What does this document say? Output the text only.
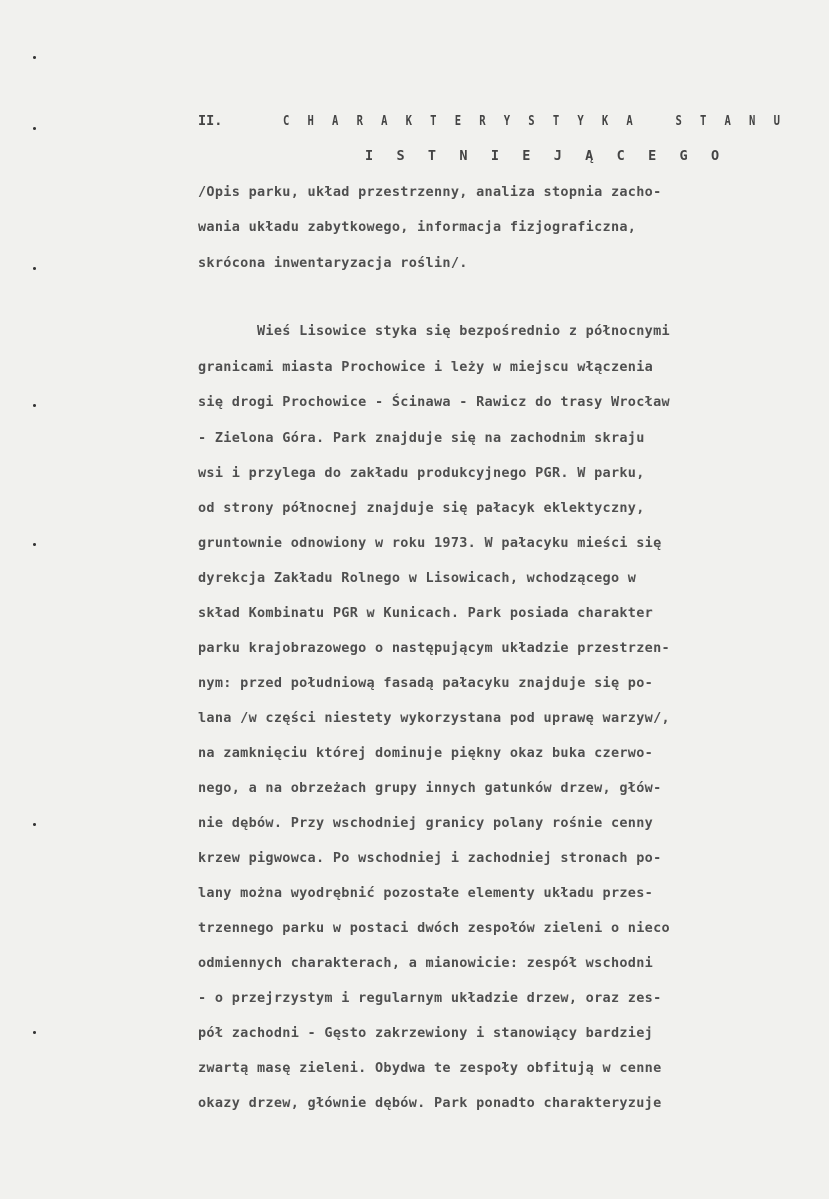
II.

	C H A R A K T E R Y S T Y K A   S T A N U

I S T N I E J Ą C E G O

/Opis parku, układ przestrzenny, analiza stopnia zacho-

wania układu zabytkowego, informacja fizjograficzna,

skrócona inwentaryzacja roślin/.

Wieś Lisowice styka się bezpośrednio z północnymi

granicami miasta Prochowice i leży w miejscu włączenia

się drogi Prochowice - Ścinawa - Rawicz do trasy Wrocław

- Zielona Góra. Park znajduje się na zachodnim skraju

wsi i przylega do zakładu produkcyjnego PGR. W parku,

od strony północnej znajduje się pałacyk eklektyczny,

gruntownie odnowiony w roku 1973. W pałacyku mieści się

dyrekcja Zakładu Rolnego w Lisowicach, wchodzącego w

skład Kombinatu PGR w Kunicach. Park posiada charakter

parku krajobrazowego o następującym układzie przestrzen-

nym: przed południową fasadą pałacyku znajduje się po-

lana /w części niestety wykorzystana pod uprawę warzyw/,

na zamknięciu której dominuje piękny okaz buka czerwo-

nego, a na obrzeżach grupy innych gatunków drzew, głów-

nie dębów. Przy wschodniej granicy polany rośnie cenny

krzew pigwowca. Po wschodniej i zachodniej stronach po-

lany można wyodrębnić pozostałe elementy układu przes-

trzennego parku w postaci dwóch zespołów zieleni o nieco

odmiennych charakterach, a mianowicie: zespół wschodni

- o przejrzystym i regularnym układzie drzew, oraz zes-

pół zachodni - Gęsto zakrzewiony i stanowiący bardziej

zwartą masę zieleni. Obydwa te zespoły obfitują w cenne

okazy drzew, głównie dębów. Park ponadto charakteryzuje
